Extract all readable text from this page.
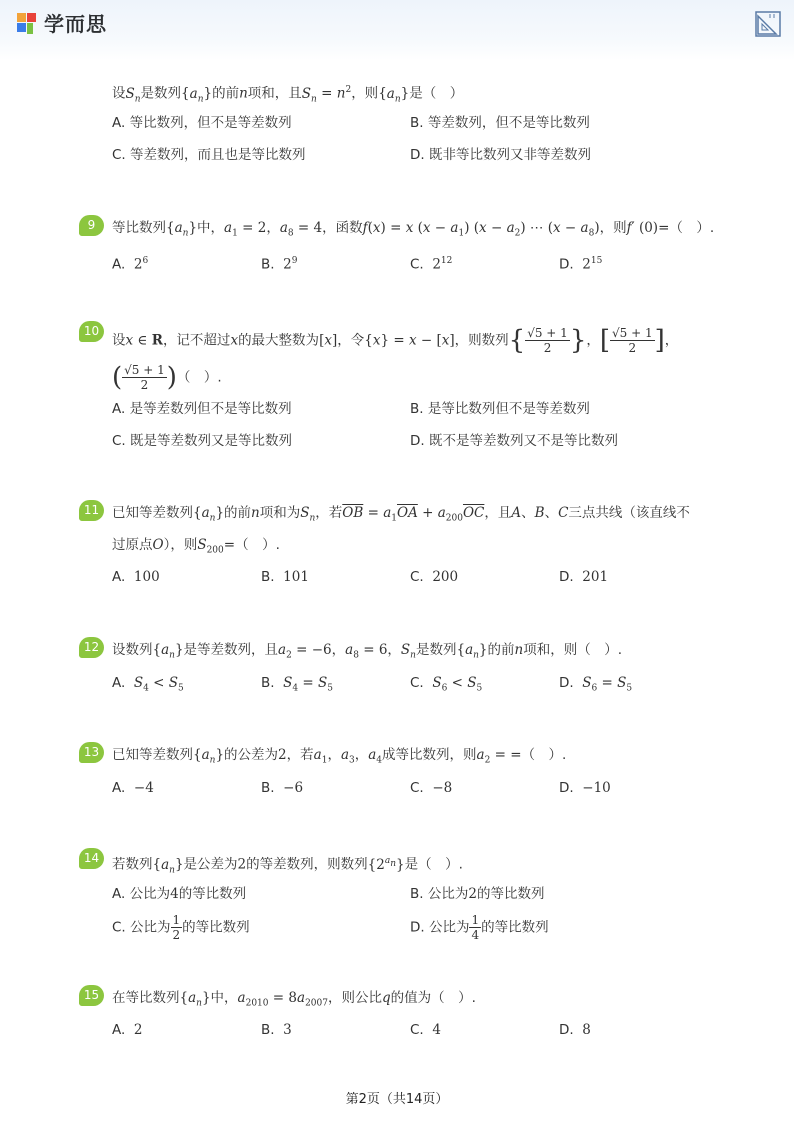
学而思
设$S_n$是数列$\{a_n\}$的前n项和，且$S_n = n^2$，则$\{a_n\}$是（　）
A. 等比数列，但不是等差数列	B. 等差数列，但不是等比数列
C. 等差数列，而且也是等比数列	D. 既非等比数列又非等差数列
9	等比数列$\{a_n\}$中，$a_1 = 2$，$a_8 = 4$，函数f(x) = x $(x - a_1)$ $(x - a_2)$ ⋯ $(x - a_8)$，则f′ (0)=（　）.
A. $2^6$	B. $2^9$	C. $2^{12}$	D. $2^{15}$
10
设x ∈ R，记不超过x的最大整数为[x]，令{x} = x − [x]，则数列{ $\frac{√5 + 1}{2}$ }，[ $\frac{√5 + 1}{2}$ ]，
( $\frac{√5 + 1}{2}$ )（　）.
A. 是等差数列但不是等比数列	B. 是等比数列但不是等差数列
C. 既是等差数列又是等比数列	D. 既不是等差数列又不是等比数列
11 已知等差数列$\{a_n\}$的前n项和为$S_n$，若$\overline{OB} = a_1\overline{OA} + a_{200}\overline{OC}$，且A、B、C三点共线（该直线不
过原点O），则$S_{200}=$（　）.
A. 100	B. 101	C. 200	D. 201
12 设数列$\{a_n\}$是等差数列，且$a_2 = -6$，$a_8 = 6$，$S_n$是数列$\{a_n\}$的前n项和，则（　）.
A. $S_4 < S_5$	B. $S_4 = S_5$	C. $S_6 < S_5$	D. $S_6 = S_5$
13 已知等差数列$\{a_n\}$的公差为2，若$a_1$，$a_3$，$a_4$成等比数列，则$a_2$ = =（　）.
A. −4	B. −6	C. −8	D. −10
14 若数列$\{a_n\}$是公差为2的等差数列，则数列$\{2^{a_n}\}$是（　）.
A. 公比为4的等比数列	B. 公比为2的等比数列
C. 公比为 $\frac{1}{2}$ 的等比数列	D. 公比为 $\frac{1}{4}$ 的等比数列
15 在等比数列$\{a_n\}$中，$a_{2010} = 8a_{2007}$，则公比q的值为（　）.
A. 2	B. 3	C. 4	D. 8
第2页（共14页）
